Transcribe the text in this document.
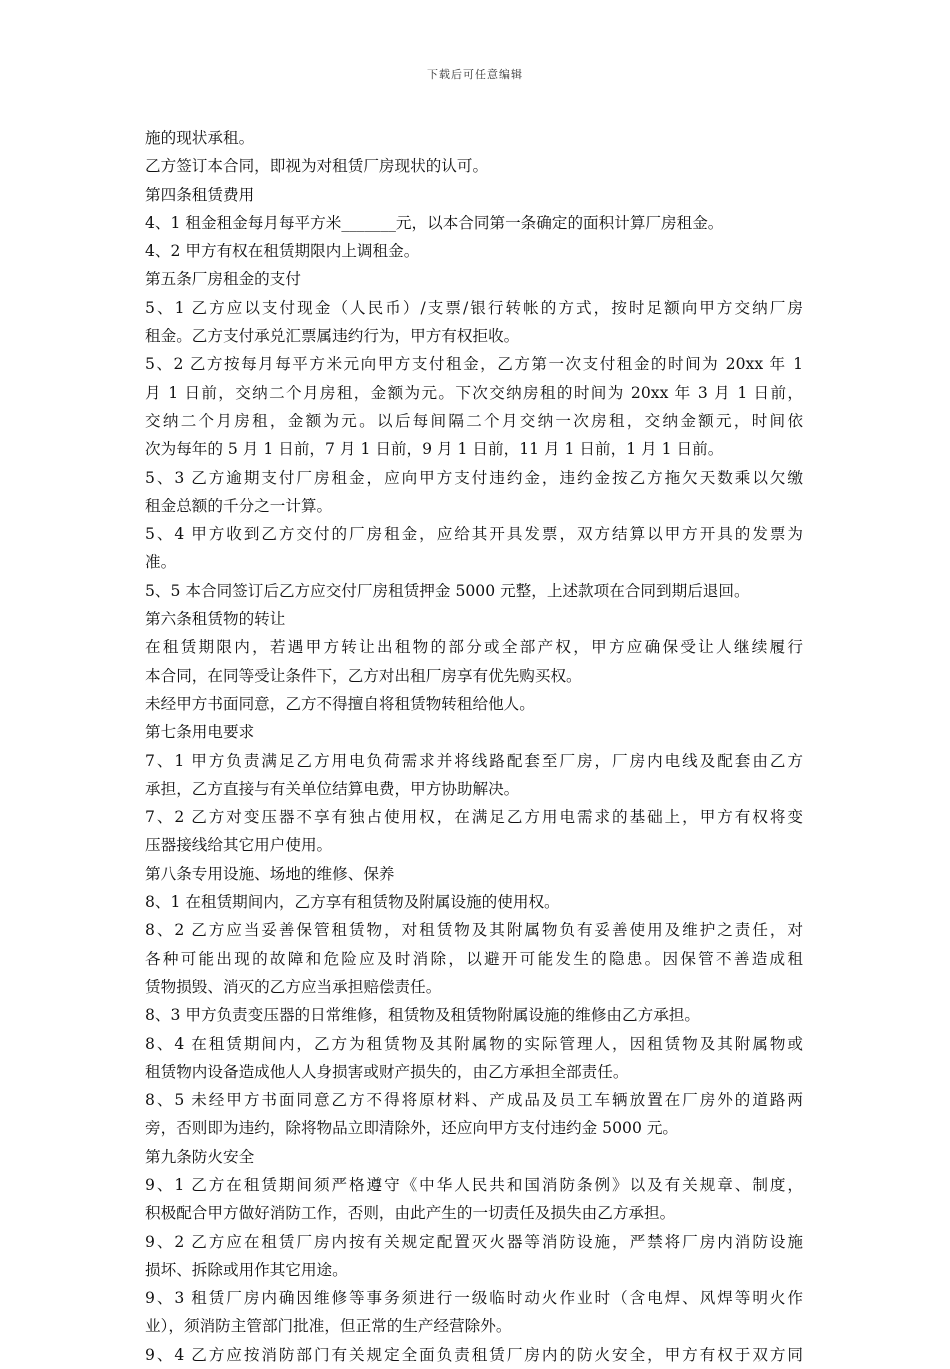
下载后可任意编辑
施的现状承租。
乙方签订本合同，即视为对租赁厂房现状的认可。
第四条租赁费用
4、1 租金租金每月每平方米_______元，以本合同第一条确定的面积计算厂房租金。
4、2 甲方有权在租赁期限内上调租金。
第五条厂房租金的支付
5、1 乙方应以支付现金（人民币）/支票/银行转帐的方式，按时足额向甲方交纳厂房
租金。乙方支付承兑汇票属违约行为，甲方有权拒收。
5、2 乙方按每月每平方米元向甲方支付租金，乙方第一次支付租金的时间为 20xx 年 1
月 1 日前，交纳二个月房租，金额为元。下次交纳房租的时间为 20xx 年 3 月 1 日前，
交纳二个月房租，金额为元。以后每间隔二个月交纳一次房租，交纳金额元，时间依
次为每年的 5 月 1 日前，7 月 1 日前，9 月 1 日前，11 月 1 日前，1 月 1 日前。
5、3 乙方逾期支付厂房租金，应向甲方支付违约金，违约金按乙方拖欠天数乘以欠缴
租金总额的千分之一计算。
5、4 甲方收到乙方交付的厂房租金，应给其开具发票，双方结算以甲方开具的发票为
准。
5、5 本合同签订后乙方应交付厂房租赁押金 5000 元整，上述款项在合同到期后退回。
第六条租赁物的转让
在租赁期限内，若遇甲方转让出租物的部分或全部产权，甲方应确保受让人继续履行
本合同，在同等受让条件下，乙方对出租厂房享有优先购买权。
未经甲方书面同意，乙方不得擅自将租赁物转租给他人。
第七条用电要求
7、1 甲方负责满足乙方用电负荷需求并将线路配套至厂房，厂房内电线及配套由乙方
承担，乙方直接与有关单位结算电费，甲方协助解决。
7、2 乙方对变压器不享有独占使用权，在满足乙方用电需求的基础上，甲方有权将变
压器接线给其它用户使用。
第八条专用设施、场地的维修、保养
8、1 在租赁期间内，乙方享有租赁物及附属设施的使用权。
8、2 乙方应当妥善保管租赁物，对租赁物及其附属物负有妥善使用及维护之责任，对
各种可能出现的故障和危险应及时消除，以避开可能发生的隐患。因保管不善造成租
赁物损毁、消灭的乙方应当承担赔偿责任。
8、3 甲方负责变压器的日常维修，租赁物及租赁物附属设施的维修由乙方承担。
8、4 在租赁期间内，乙方为租赁物及其附属物的实际管理人，因租赁物及其附属物或
租赁物内设备造成他人人身损害或财产损失的，由乙方承担全部责任。
8、5 未经甲方书面同意乙方不得将原材料、产成品及员工车辆放置在厂房外的道路两
旁，否则即为违约，除将物品立即清除外，还应向甲方支付违约金 5000 元。
第九条防火安全
9、1 乙方在租赁期间须严格遵守《中华人民共和国消防条例》以及有关规章、制度，
积极配合甲方做好消防工作，否则，由此产生的一切责任及损失由乙方承担。
9、2 乙方应在租赁厂房内按有关规定配置灭火器等消防设施，严禁将厂房内消防设施
损坏、拆除或用作其它用途。
9、3 租赁厂房内确因维修等事务须进行一级临时动火作业时（含电焊、风焊等明火作
业），须消防主管部门批准，但正常的生产经营除外。
9、4 乙方应按消防部门有关规定全面负责租赁厂房内的防火安全，甲方有权于双方同
